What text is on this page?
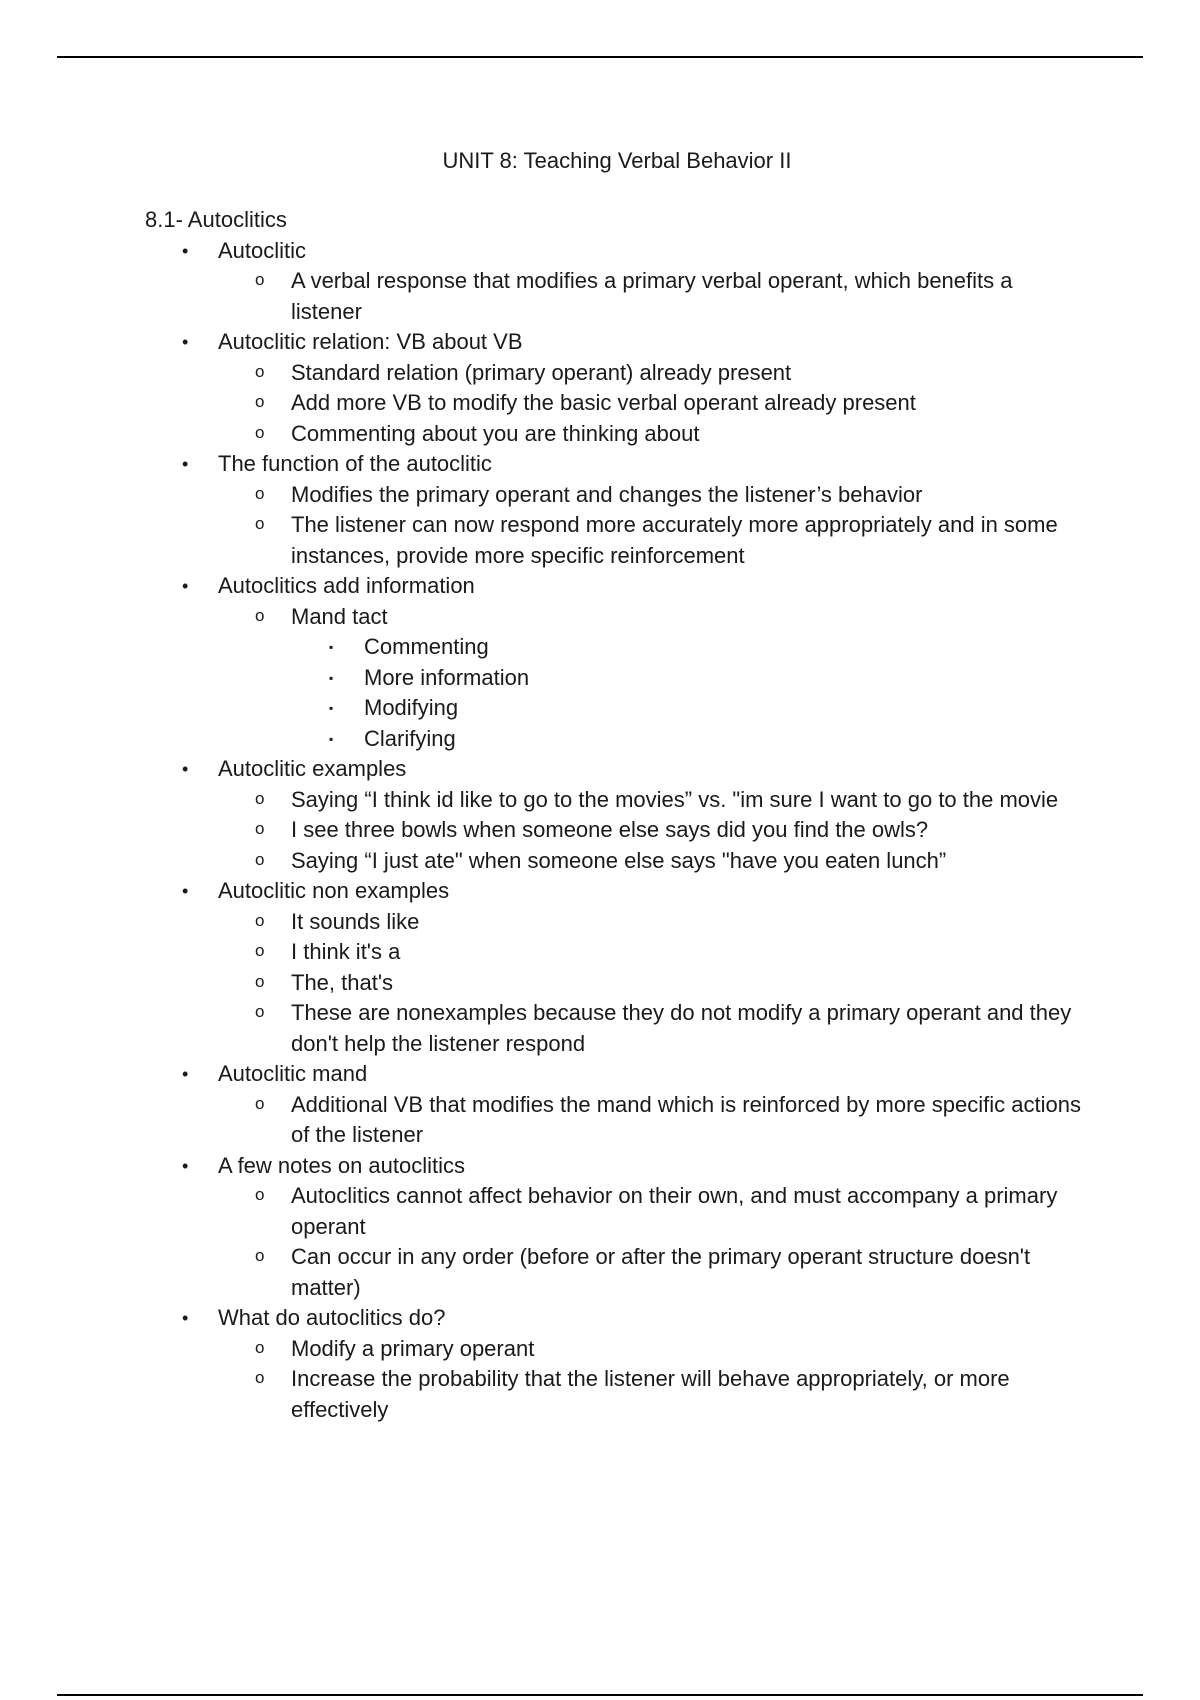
UNIT 8: Teaching Verbal Behavior II

8.1- Autoclitics

• Autoclitic
o A verbal response that modifies a primary verbal operant, which benefits a listener
• Autoclitic relation: VB about VB
o Standard relation (primary operant) already present
o Add more VB to modify the basic verbal operant already present
o Commenting about you are thinking about
• The function of the autoclitic
o Modifies the primary operant and changes the listener’s behavior
o The listener can now respond more accurately more appropriately and in some instances, provide more specific reinforcement
• Autoclitics add information
o Mand tact
▪ Commenting
▪ More information
▪ Modifying
▪ Clarifying
• Autoclitic examples
o Saying “I think id like to go to the movies” vs. "im sure I want to go to the movie
o I see three bowls when someone else says did you find the owls?
o Saying “I just ate" when someone else says "have you eaten lunch”
• Autoclitic non examples
o It sounds like
o I think it's a
o The, that's
o These are nonexamples because they do not modify a primary operant and they don't help the listener respond
• Autoclitic mand
o Additional VB that modifies the mand which is reinforced by more specific actions of the listener
• A few notes on autoclitics
o Autoclitics cannot affect behavior on their own, and must accompany a primary operant
o Can occur in any order (before or after the primary operant structure doesn't matter)
• What do autoclitics do?
o Modify a primary operant
o Increase the probability that the listener will behave appropriately, or more effectively
